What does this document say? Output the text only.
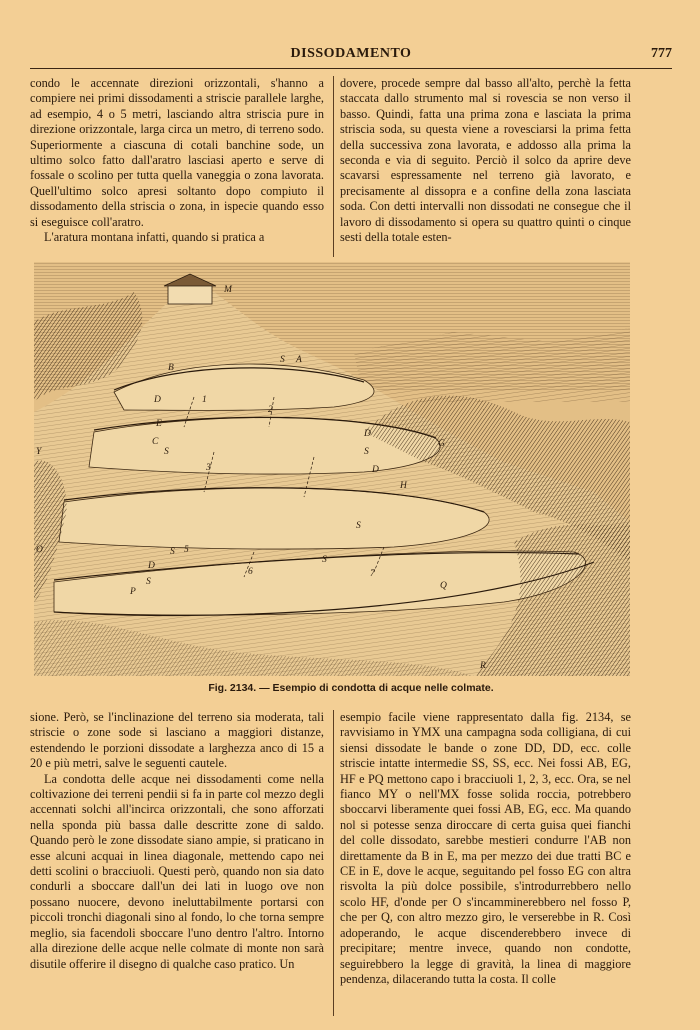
DISSODAMENTO	777

condo le accennate direzioni orizzontali, s'hanno a compiere nei primi dissodamenti a striscie parallele larghe, ad esempio, 4 o 5 metri, lasciando altra striscia pure in direzione orizzontale, larga circa un metro, di terreno sodo. Superiormente a ciascuna di cotali banchine sode, un ultimo solco fatto dall'aratro lasciasi aperto e serve di fossale o scolino per tutta quella vaneggia o zona lavorata. Quell'ultimo solco apresi soltanto dopo compiuto il dissodamento della striscia o zona, in ispecie quando esso si eseguisce coll'aratro.

L'aratura montana infatti, quando si pratica a

dovere, procede sempre dal basso all'alto, perchè la fetta staccata dallo strumento mal si rovescia se non verso il basso. Quindi, fatta una prima zona e lasciata la prima striscia soda, su questa viene a rovesciarsi la prima fetta della successiva zona lavorata, e addosso alla prima la seconda e via di seguito. Perciò il solco da aprire deve scavarsi espressamente nel terreno già lavorato, e precisamente al dissopra e a confine della zona lasciata soda. Con detti intervalli non dissodati ne consegue che il lavoro di dissodamento si opera su quattro quinti o cinque sesti della totale esten-

M
B
A
S
D	1
2
E
C
S
G
D
S
3	D
H
Y
S
S 5
6
D
7
Q
O
S
S
P
R
Fig. 2134. — Esempio di condotta di acque nelle colmate.

sione. Però, se l'inclinazione del terreno sia moderata, tali striscie o zone sode si lasciano a maggiori distanze, estendendo le porzioni dissodate a larghezza anco di 15 a 20 e più metri, salve le seguenti cautele.

La condotta delle acque nei dissodamenti come nella coltivazione dei terreni pendii si fa in parte col mezzo degli accennati solchi all'incirca orizzontali, che sono afforzati nella sponda più bassa dalle descritte zone di saldo. Quando però le zone dissodate siano ampie, si praticano in esse alcuni acquai in linea diagonale, mettendo capo nei detti scolini o bracciuoli. Questi però, quando non sia dato condurli a sboccare dall'un dei lati in luogo ove non possano nuocere, devono ineluttabilmente portarsi con piccoli tronchi diagonali sino al fondo, lo che torna sempre meglio, sia facendoli sboccare l'uno dentro l'altro. Intorno alla direzione delle acque nelle colmate di monte non sarà disutile offerire il disegno di qualche caso pratico. Un

esempio facile viene rappresentato dalla fig. 2134, se ravvisiamo in YMX una campagna soda colligiana, di cui siensi dissodate le bande o zone DD, DD, ecc. colle striscie intatte intermedie SS, SS, ecc. Nei fossi AB, EG, HF e PQ mettono capo i bracciuoli 1, 2, 3, ecc. Ora, se nel fianco MY o nell'MX fosse solida roccia, potrebbero sboccarvi liberamente quei fossi AB, EG, ecc. Ma quando nol si potesse senza diroccare di certa guisa quei fianchi del colle dissodato, sarebbe mestieri condurre l'AB non direttamente da B in E, ma per mezzo dei due tratti BC e CE in E, dove le acque, seguitando pel fosso EG con altra risvolta la più dolce possibile, s'introdurrebbero nello scolo HF, d'onde per O s'incamminerebbero nel fosso P, che per Q, con altro mezzo giro, le verserebbe in R. Così adoperando, le acque discenderebbero invece di precipitare; mentre invece, quando non condotte, seguirebbero la legge di gravità, la linea di maggiore pendenza, dilacerando tutta la costa. Il colle
